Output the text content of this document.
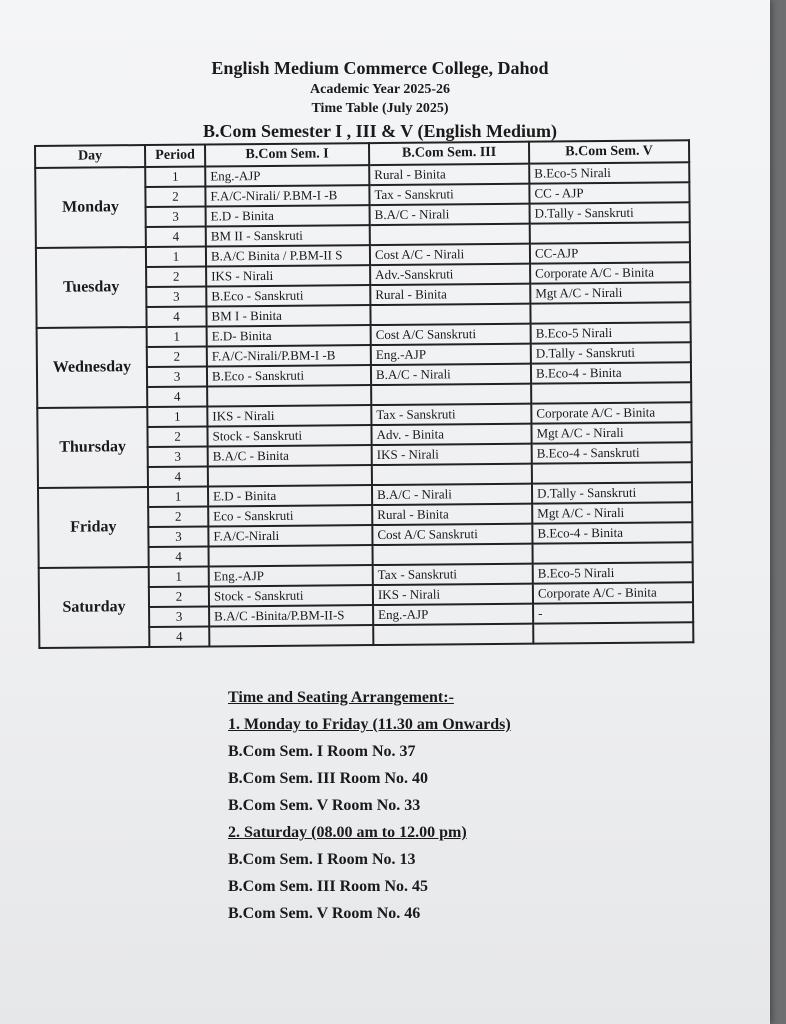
English Medium Commerce College, Dahod
Academic Year 2025-26
Time Table (July 2025)
B.Com Semester I , III & V (English Medium)
Day	Period	B.Com Sem. I	B.Com Sem. III	B.Com Sem. V
Monday	1	Eng.-AJP	Rural - Binita	B.Eco-5 Nirali
	2	F.A/C-Nirali/ P.BM-I -B	Tax - Sanskruti	CC - AJP
	3	E.D - Binita	B.A/C - Nirali	D.Tally - Sanskruti
	4	BM II - Sanskruti		
Tuesday	1	B.A/C Binita / P.BM-II S	Cost A/C - Nirali	CC-AJP
	2	IKS - Nirali	Adv.-Sanskruti	Corporate A/C - Binita
	3	B.Eco - Sanskruti	Rural - Binita	Mgt A/C - Nirali
	4	BM I - Binita		
Wednesday	1	E.D- Binita	Cost A/C Sanskruti	B.Eco-5 Nirali
	2	F.A/C-Nirali/P.BM-I -B	Eng.-AJP	D.Tally - Sanskruti
	3	B.Eco - Sanskruti	B.A/C - Nirali	B.Eco-4 - Binita
	4			
Thursday	1	IKS - Nirali	Tax - Sanskruti	Corporate A/C - Binita
	2	Stock - Sanskruti	Adv. - Binita	Mgt A/C - Nirali
	3	B.A/C - Binita	IKS - Nirali	B.Eco-4 - Sanskruti
	4			
Friday	1	E.D - Binita	B.A/C - Nirali	D.Tally - Sanskruti
	2	Eco - Sanskruti	Rural - Binita	Mgt A/C - Nirali
	3	F.A/C-Nirali	Cost A/C Sanskruti	B.Eco-4 - Binita
	4			
Saturday	1	Eng.-AJP	Tax - Sanskruti	B.Eco-5 Nirali
	2	Stock - Sanskruti	IKS - Nirali	Corporate A/C - Binita
	3	B.A/C -Binita/P.BM-II-S	Eng.-AJP	-
	4			
Time and Seating Arrangement:-
1. Monday to Friday (11.30 am Onwards)
B.Com Sem. I Room No. 37
B.Com Sem. III Room No. 40
B.Com Sem. V Room No. 33
2. Saturday (08.00 am to 12.00 pm)
B.Com Sem. I Room No. 13
B.Com Sem. III Room No. 45
B.Com Sem. V Room No. 46
